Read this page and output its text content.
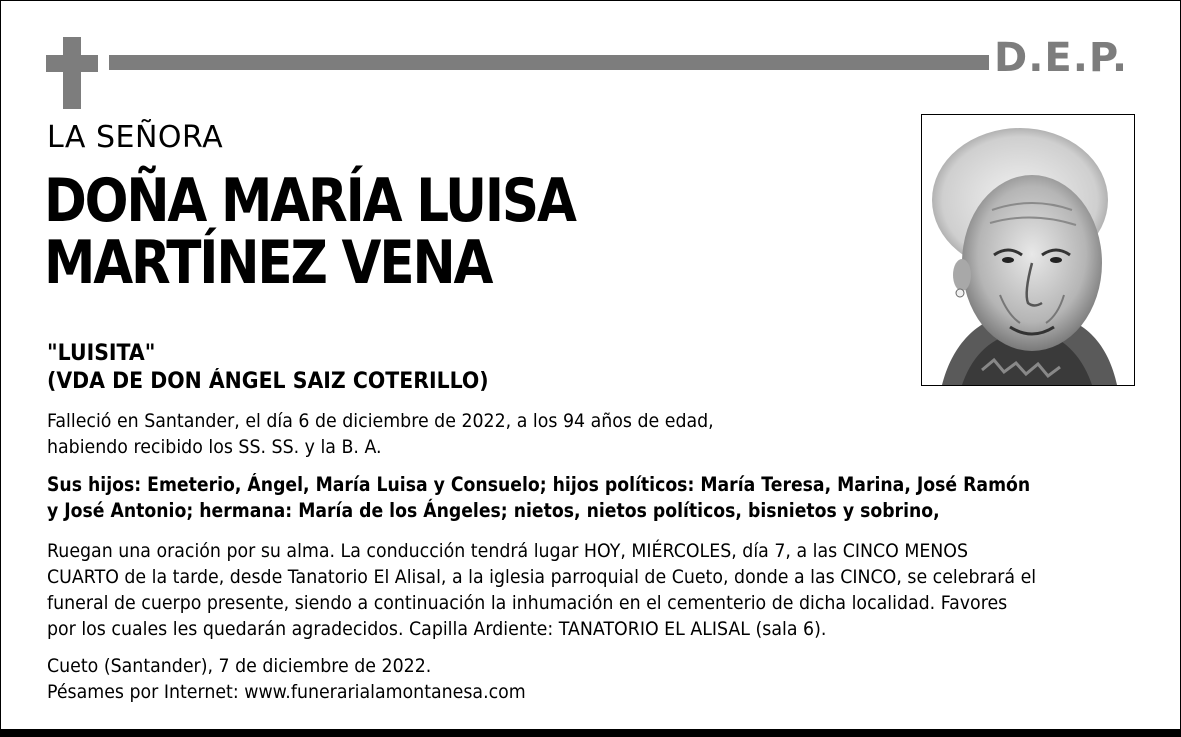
D.E.P.
LA SEÑORA
DOÑA MARÍA LUISA
MARTÍNEZ VENA
"LUISITA"
(VDA DE DON ÁNGEL SAIZ COTERILLO)
Falleció en Santander, el día 6 de diciembre de 2022, a los 94 años de edad,
habiendo recibido los SS. SS. y la B. A.
Sus hijos: Emeterio, Ángel, María Luisa y Consuelo; hijos políticos: María Teresa, Marina, José Ramón
y José Antonio; hermana: María de los Ángeles; nietos, nietos políticos, bisnietos y sobrino,
Ruegan una oración por su alma. La conducción tendrá lugar HOY, MIÉRCOLES, día 7, a las CINCO MENOS
CUARTO de la tarde, desde Tanatorio El Alisal, a la iglesia parroquial de Cueto, donde a las CINCO, se celebrará el
funeral de cuerpo presente, siendo a continuación la inhumación en el cementerio de dicha localidad. Favores
por los cuales les quedarán agradecidos. Capilla Ardiente: TANATORIO EL ALISAL (sala 6).
Cueto (Santander), 7 de diciembre de 2022.
Pésames por Internet: www.funerarialamontanesa.com
